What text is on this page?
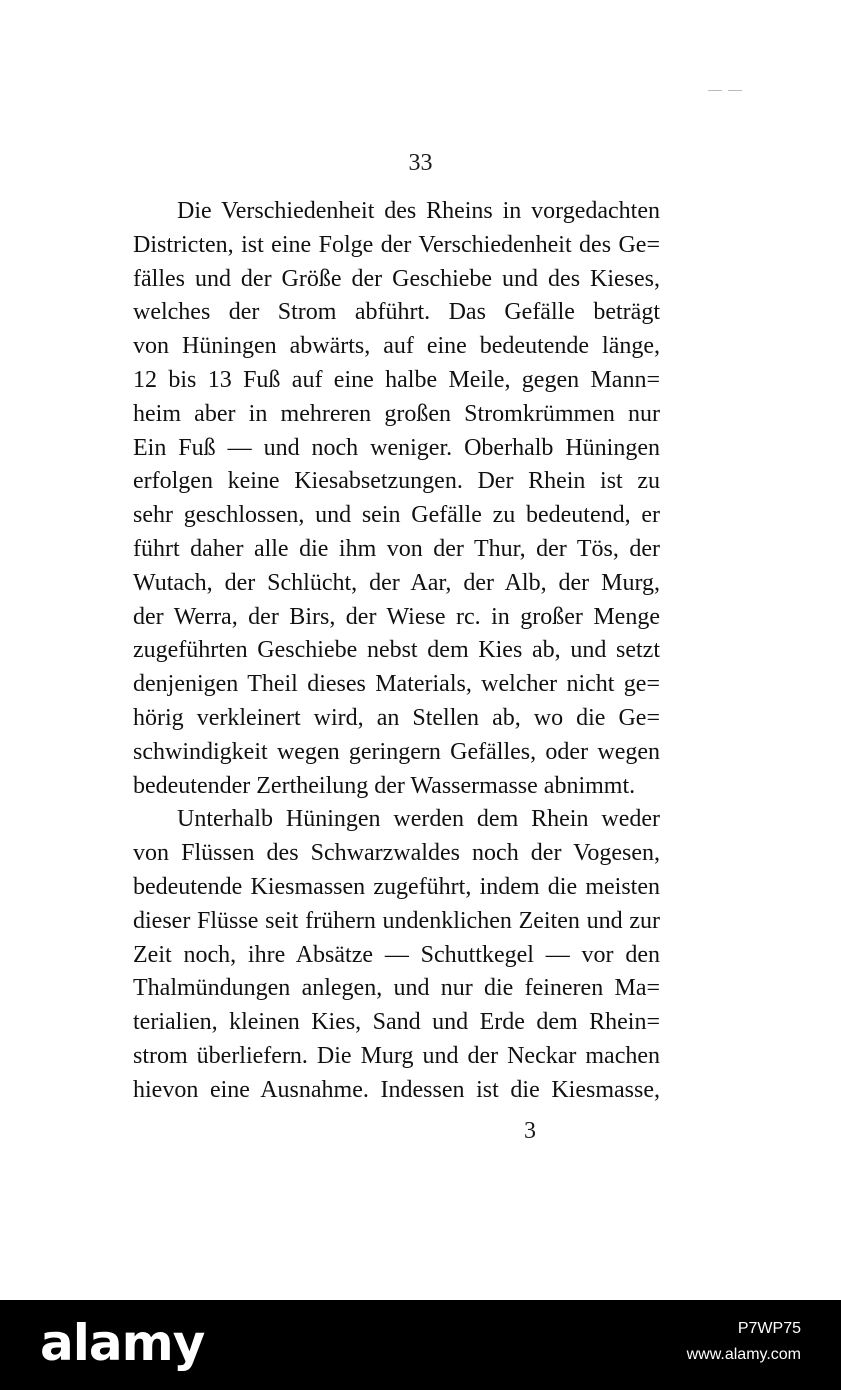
33
Die Verschiedenheit des Rheins in vorgedachten
Districten, ist eine Folge der Verschiedenheit des Ge=
fälles und der Größe der Geschiebe und des Kieses,
welches der Strom abführt. Das Gefälle beträgt
von Hüningen abwärts, auf eine bedeutende länge,
12 bis 13 Fuß auf eine halbe Meile, gegen Mann=
heim aber in mehreren großen Stromkrümmen nur
Ein Fuß — und noch weniger. Oberhalb Hüningen
erfolgen keine Kiesabsetzungen. Der Rhein ist zu
sehr geschlossen, und sein Gefälle zu bedeutend, er
führt daher alle die ihm von der Thur, der Tös, der
Wutach, der Schlücht, der Aar, der Alb, der Murg,
der Werra, der Birs, der Wiese rc. in großer Menge
zugeführten Geschiebe nebst dem Kies ab, und setzt
denjenigen Theil dieses Materials, welcher nicht ge=
hörig verkleinert wird, an Stellen ab, wo die Ge=
schwindigkeit wegen geringern Gefälles, oder wegen
bedeutender Zertheilung der Wassermasse abnimmt.
Unterhalb Hüningen werden dem Rhein weder
von Flüssen des Schwarzwaldes noch der Vogesen,
bedeutende Kiesmassen zugeführt, indem die meisten
dieser Flüsse seit frühern undenklichen Zeiten und zur
Zeit noch, ihre Absätze — Schuttkegel — vor den
Thalmündungen anlegen, und nur die feineren Ma=
terialien, kleinen Kies, Sand und Erde dem Rhein=
strom überliefern. Die Murg und der Neckar machen
hievon eine Ausnahme. Indessen ist die Kiesmasse,
3
alamy	P7WP75
www.alamy.com
